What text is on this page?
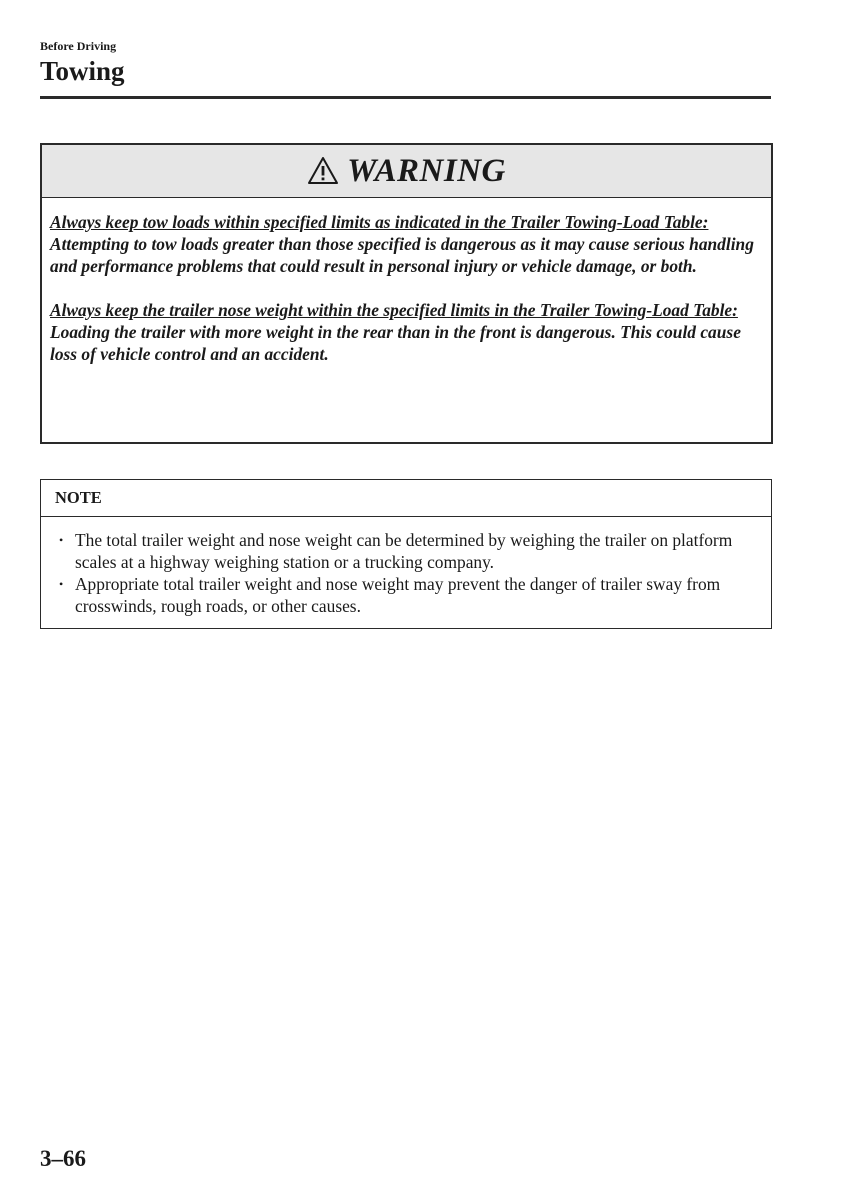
Before Driving
Towing
WARNING

Always keep tow loads within specified limits as indicated in the Trailer Towing-Load Table:

Attempting to tow loads greater than those specified is dangerous as it may cause serious handling and performance problems that could result in personal injury or vehicle damage, or both.

Always keep the trailer nose weight within the specified limits in the Trailer Towing-Load Table:

Loading the trailer with more weight in the rear than in the front is dangerous. This could cause loss of vehicle control and an accident.

NOTE
• The total trailer weight and nose weight can be determined by weighing the trailer on platform scales at a highway weighing station or a trucking company.
• Appropriate total trailer weight and nose weight may prevent the danger of trailer sway from crosswinds, rough roads, or other causes.
3–66
